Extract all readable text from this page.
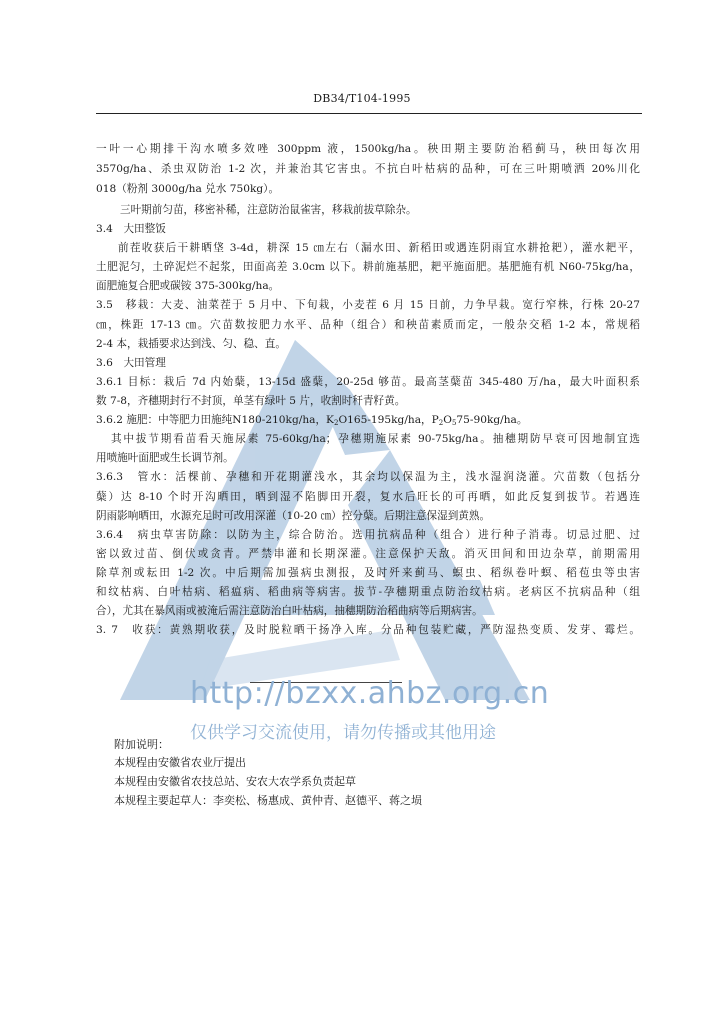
DB34/T104-1995
一叶一心期排干沟水喷多效唑 300ppm 液，1500kg/ha。秧田期主要防治稻蓟马，秧田每次用
3570g/ha、杀虫双防治 1-2 次，并兼治其它害虫。不抗白叶枯病的品种，可在三叶期喷洒 20%川化
018（粉剂 3000g/ha 兑水 750kg）。
三叶期前匀苗，移密补稀，注意防治鼠雀害，移栽前拔草除杂。
3.4　大田整饭
前茬收获后干耕晒垡 3-4d，耕深 15 ㎝左右（漏水田、新稻田或遇连阴雨宜水耕抢耙），灌水耙平，
土肥泥匀，土碎泥烂不起浆，田面高差 3.0cm 以下。耕前施基肥，耙平施面肥。基肥施有机 N60-75kg/ha，
面肥施复合肥或碳铵 375-300kg/ha。
3.5　移栽：大麦、油菜茬于 5 月中、下旬栽，小麦茬 6 月 15 日前，力争早栽。宽行窄株，行株 20-27
㎝，株距 17-13 ㎝。穴苗数按肥力水平、品种（组合）和秧苗素质而定，一般杂交稻 1-2 本，常规稻
2-4 本，栽插要求达到浅、匀、稳、直。
3.6　大田管理
3.6.1 目标：栽后 7d 内始蘖，13-15d 盛蘖，20-25d 够苗。最高茎蘖苗 345-480 万/ha，最大叶面积系
数 7-8，齐穗期封行不封顶，单茎有绿叶 5 片，收割时秆青籽黄。
3.6.2 施肥：中等肥力田施纯N180-210kg/ha，$K_2O165-195kg/ha$，$P_2O_575-90kg/ha$。
其中拔节期看苗看天施尿素 75-60kg/ha；孕穗期施尿素 90-75kg/ha。抽穗期防早衰可因地制宜选
用喷施叶面肥或生长调节剂。
3.6.3　管水：活棵前、孕穗和开花期灌浅水，其余均以保温为主，浅水湿润浇灌。穴苗数（包括分
蘖）达 8-10 个时开沟晒田，晒到湿不陷脚田开裂，复水后旺长的可再晒，如此反复到拔节。若遇连
阴雨影响晒田，水源充足时可改用深灌（10-20 ㎝）控分蘖。后期注意保湿到黄熟。
3.6.4　病虫草害防除：以防为主，综合防治。选用抗病品种（组合）进行种子消毒。切忌过肥、过
密以致过苗、倒伏或贪青。严禁串灌和长期深灌。注意保护天敌。消灭田间和田边杂草，前期需用
除草剂或耘田 1-2 次。中后期需加强病虫测报，及时歼来蓟马、螟虫、稻纵卷叶螟、稻苞虫等虫害
和纹枯病、白叶枯病、稻瘟病、稻曲病等病害。拔节-孕穗期重点防治纹枯病。老病区不抗病品种（组
合），尤其在暴风雨或被淹后需注意防治白叶枯病，抽穗期防治稻曲病等后期病害。
3. 7　收获：黄熟期收获，及时脱粒晒干扬净入库。分品种包装贮藏，严防湿热变质、发芽、霉烂。
http://bzxx.ahbz.org.cn
仅供学习交流使用，请勿传播或其他用途
附加说明：
本规程由安徽省农业厅提出
本规程由安徽省农技总站、安农大农学系负责起草
本规程主要起草人：李奕松、杨惠成、黄仲青、赵德平、蒋之埙
